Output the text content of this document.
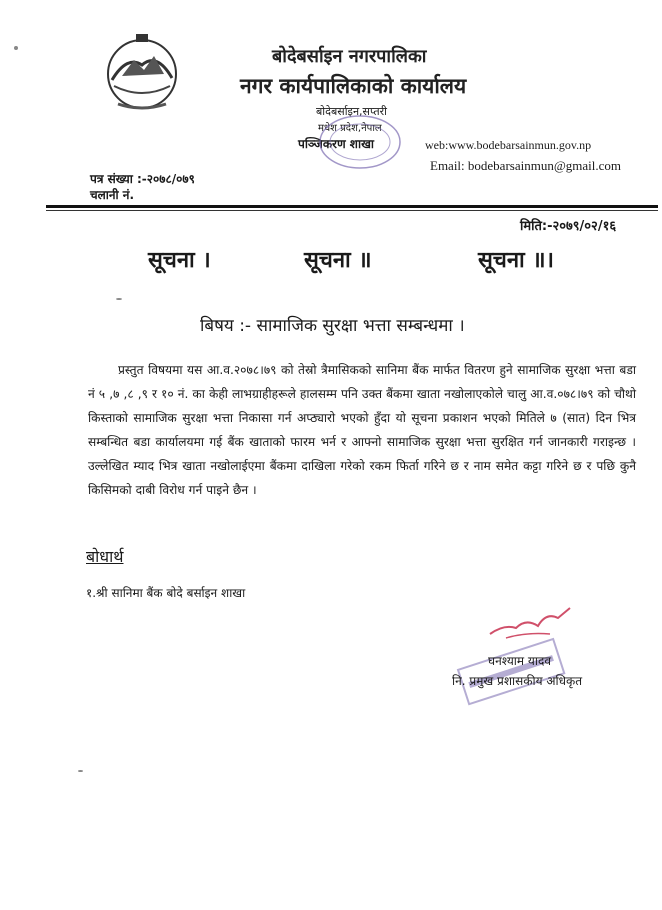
बोदेबर्साइन नगरपालिका
नगर कार्यपालिकाको कार्यालय
बोदेबर्साइन,सप्तरी
मधेश प्रदेश,नेपाल
पञ्जिकरण शाखा	web:www.bodebarsainmun.gov.np
Email: bodebarsainmun@gmail.com
पत्र संख्या :-२०७८/०७९
चलानी नं.
मिति:-२०७९/०२/१६
सूचना ।	सूचना ॥	सूचना ॥।
बिषय :- सामाजिक सुरक्षा भत्ता सम्बन्धमा ।
प्रस्तुत विषयमा यस आ.व.२०७८।७९ को तेस्रो त्रैमासिकको सानिमा बैंक मार्फत वितरण हुने सामाजिक सुरक्षा भत्ता बडा नं ५ ,७ ,८ ,९ र १० नं. का केही लाभग्राहीहरूले हालसम्म पनि उक्त बैंकमा खाता नखोलाएकोले चालु आ.व.०७८।७९ को चौथो किस्ताको सामाजिक सुरक्षा भत्ता निकासा गर्न अप्ठ्यारो भएको हुँदा यो सूचना प्रकाशन भएको मितिले ७ (सात) दिन भित्र सम्बन्धित बडा कार्यालयमा गई बैंक खाताको फारम भर्न र आफ्नो सामाजिक सुरक्षा भत्ता सुरक्षित गर्न जानकारी गराइन्छ । उल्लेखित म्याद भित्र खाता नखोलाईएमा बैंकमा दाखिला गरेको रकम फिर्ता गरिने छ र नाम समेत कट्टा गरिने छ र पछि कुनै किसिमको दाबी विरोध गर्न पाइने छैन ।
बोधार्थ
१.श्री सानिमा बैंक बोदे बर्साइन शाखा
घनश्याम यादव
नि. प्रमुख प्रशासकीय अधिकृत
